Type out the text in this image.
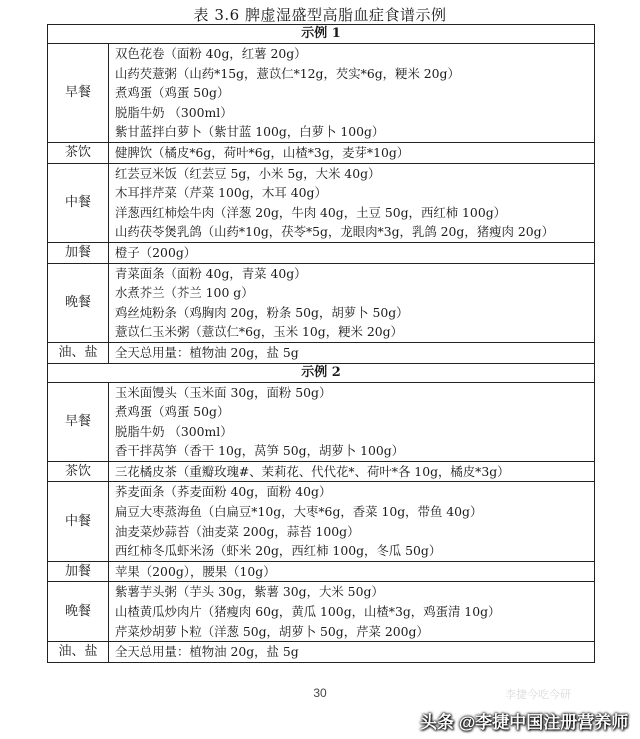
表 3.6 脾虚湿盛型高脂血症食谱示例
示例 1	
早餐	双色花卷（面粉 40g，红薯 20g）
山药芡薏粥（山药*15g，薏苡仁*12g，芡实*6g，粳米 20g）
煮鸡蛋（鸡蛋 50g）
脱脂牛奶 （300ml）
紫甘蓝拌白萝卜（紫甘蓝 100g，白萝卜 100g）

茶饮	健脾饮（橘皮*6g，荷叶*6g，山楂*3g，麦芽*10g）

中餐	红芸豆米饭（红芸豆 5g，小米 5g，大米 40g）
木耳拌芹菜（芹菜 100g，木耳 40g）
洋葱西红柿烩牛肉（洋葱 20g，牛肉 40g，土豆 50g，西红柿 100g）
山药茯苓煲乳鸽（山药*10g，茯苓*5g，龙眼肉*3g，乳鸽 20g，猪瘦肉 20g）

加餐	橙子（200g）

晚餐	青菜面条（面粉 40g，青菜 40g）
水煮芥兰（芥兰 100 g）
鸡丝炖粉条（鸡胸肉 20g，粉条 50g，胡萝卜 50g）
薏苡仁玉米粥（薏苡仁*6g，玉米 10g，粳米 20g）

油、盐	全天总用量：植物油 20g，盐 5g

示例 2	
早餐	玉米面馒头（玉米面 30g，面粉 50g）
煮鸡蛋（鸡蛋 50g）
脱脂牛奶 （300ml）
香干拌莴笋（香干 10g，莴笋 50g，胡萝卜 100g）

茶饮	三花橘皮茶（重瓣玫瑰#、茉莉花、代代花*、荷叶*各 10g，橘皮*3g）

中餐	荞麦面条（荞麦面粉 40g，面粉 40g）
扁豆大枣蒸海鱼（白扁豆*10g，大枣*6g，香菜 10g，带鱼 40g）
油麦菜炒蒜苔（油麦菜 200g，蒜苔 100g）
西红柿冬瓜虾米汤（虾米 20g，西红柿 100g，冬瓜 50g）

加餐	苹果（200g），腰果（10g）

晚餐	紫薯芋头粥（芋头 30g，紫薯 30g，大米 50g）
山楂黄瓜炒肉片（猪瘦肉 60g，黄瓜 100g，山楂*3g，鸡蛋清 10g）
芹菜炒胡萝卜粒（洋葱 50g，胡萝卜 50g，芹菜 200g）

油、盐	全天总用量：植物油 20g，盐 5g
30	李捷今吃今研
头条 @李捷中国注册营养师
